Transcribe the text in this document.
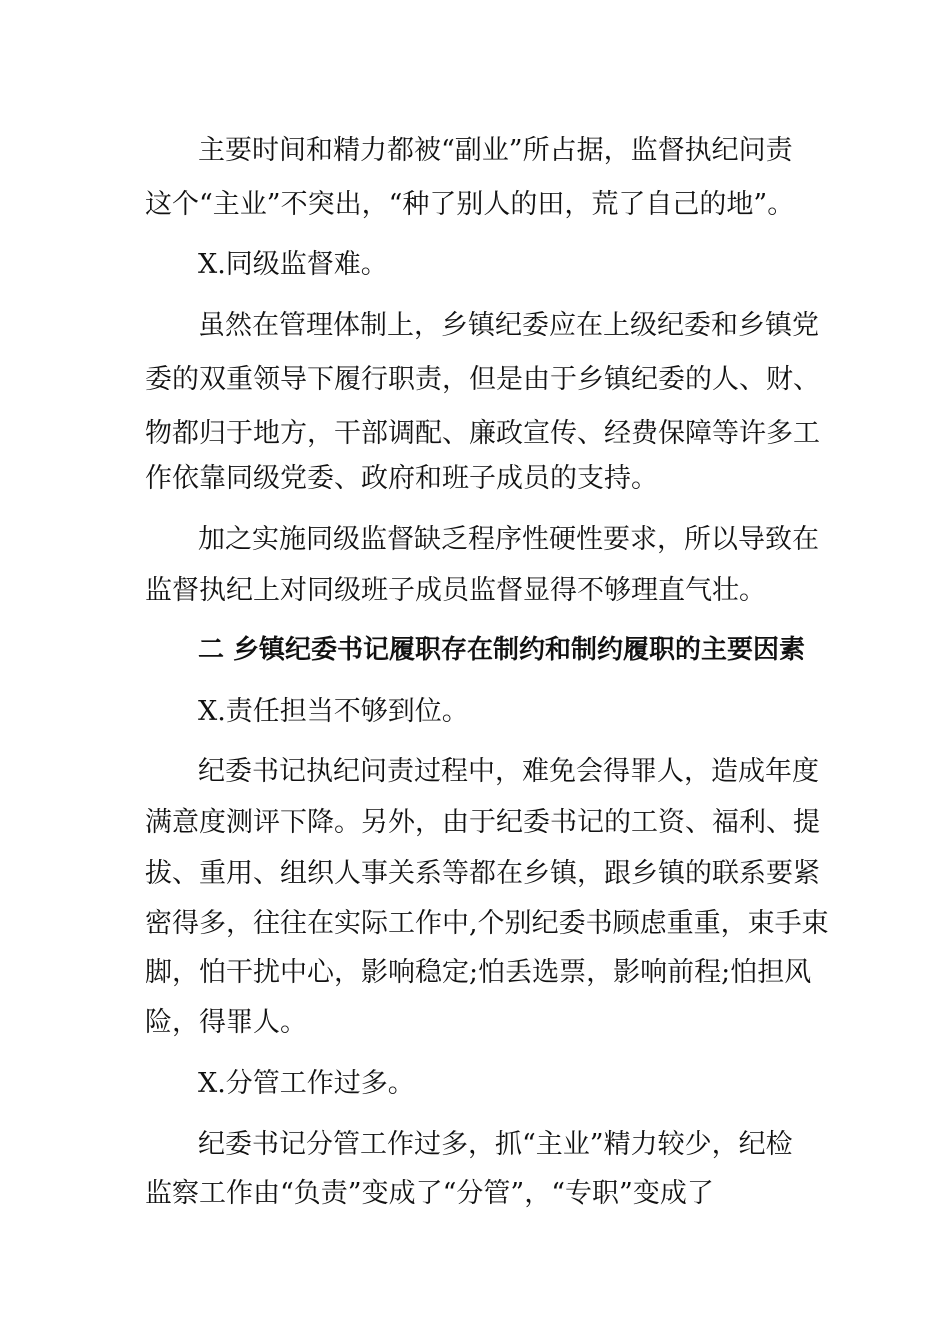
主要时间和精力都被“副业”所占据，监督执纪问责
这个“主业”不突出，“种了别人的田，荒了自己的地”。
X.同级监督难。
虽然在管理体制上，乡镇纪委应在上级纪委和乡镇党
委的双重领导下履行职责，但是由于乡镇纪委的人、财、
物都归于地方，干部调配、廉政宣传、经费保障等许多工
作依靠同级党委、政府和班子成员的支持。
加之实施同级监督缺乏程序性硬性要求，所以导致在
监督执纪上对同级班子成员监督显得不够理直气壮。
二 乡镇纪委书记履职存在制约和制约履职的主要因素
X.责任担当不够到位。
纪委书记执纪问责过程中，难免会得罪人，造成年度
满意度测评下降。另外，由于纪委书记的工资、福利、提
拔、重用、组织人事关系等都在乡镇，跟乡镇的联系要紧
密得多，往往在实际工作中,个别纪委书顾虑重重，束手束
脚，怕干扰中心，影响稳定;怕丢选票，影响前程;怕担风
险，得罪人。
X.分管工作过多。
纪委书记分管工作过多，抓“主业”精力较少，纪检
监察工作由“负责”变成了“分管”，“专职”变成了
